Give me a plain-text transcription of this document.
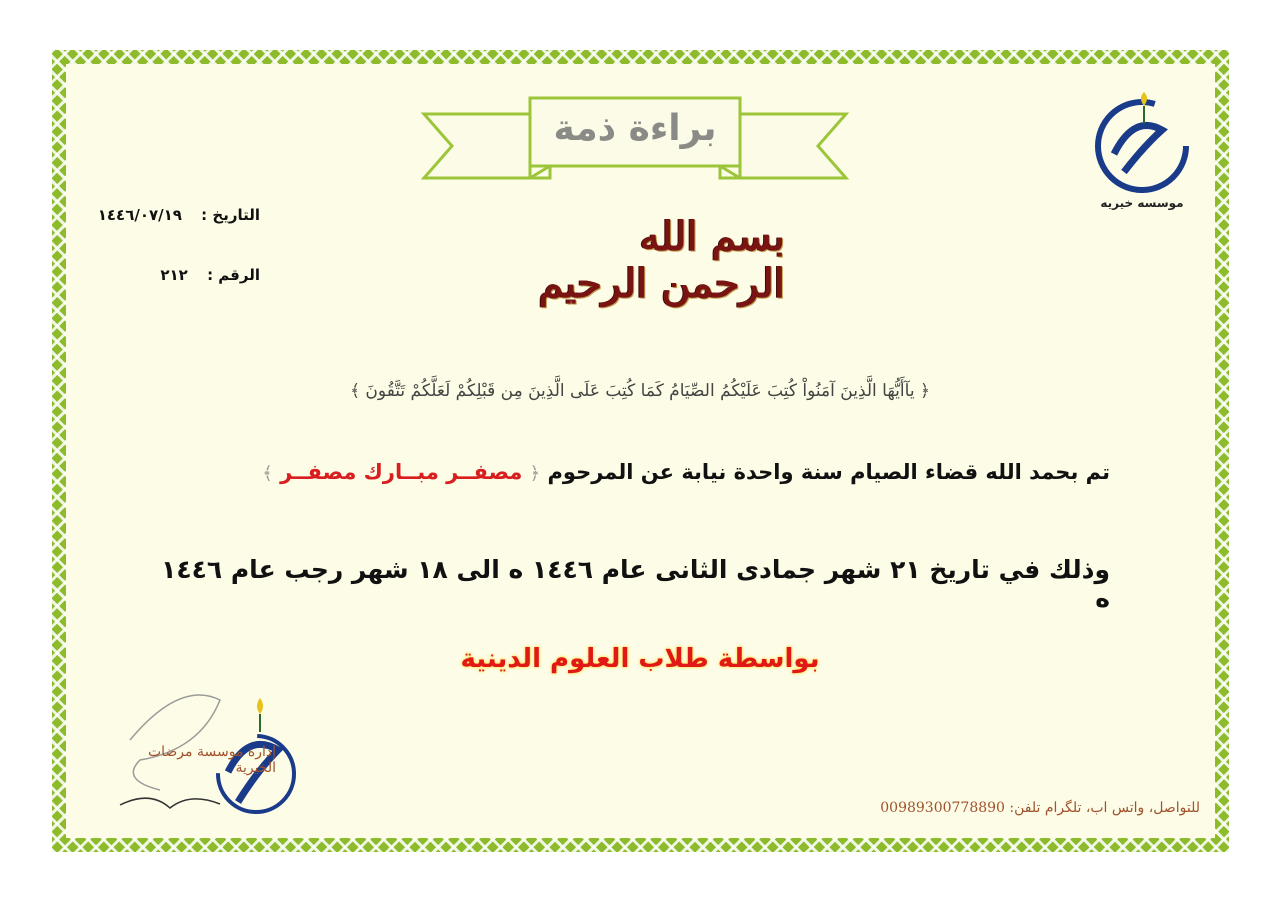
براءة ذمة
موسسه خيريه
التاريخ : ١٤٤٦/٠٧/١٩
الرقم : ٢١٢
بسم الله الرحمن الرحيم
﴿ يآأَيُّهَا الَّذِينَ آمَنُواْ كُتِبَ عَلَيْكُمُ الصِّيَامُ كَمَا كُتِبَ عَلَى الَّذِينَ مِن قَبْلِكُمْ لَعَلَّكُمْ تَتَّقُونَ ﴾
تم بحمد الله قضاء الصيام سنة واحدة نيابة عن المرحوم ﴿ مصفــر مبــارك مصفــر ﴾
وذلك في تاريخ ٢١ شهر جمادى الثانى عام ١٤٤٦ ه الى ١٨ شهر رجب عام ١٤٤٦ ه
بواسطة طلاب العلوم الدينية
إدارة موسسة مرضات الخيرية
للتواصل، واتس اب، تلگرام تلفن: 00989300778890
